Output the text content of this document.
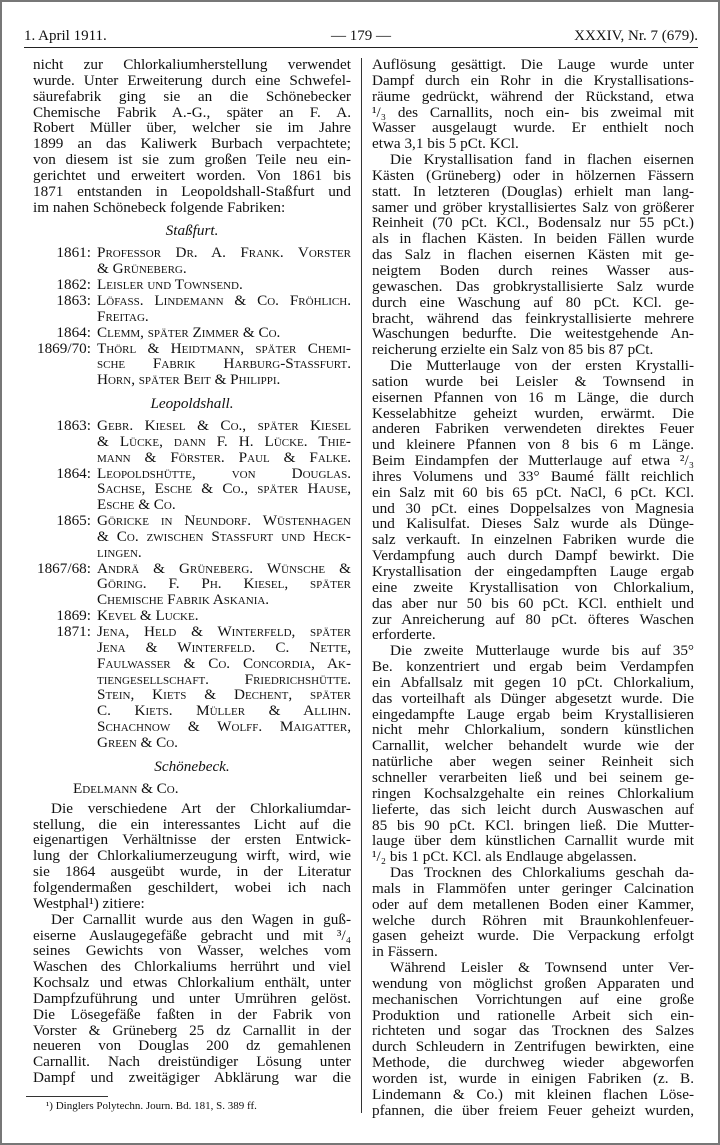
1. April 1911.	— 179 —	XXXIV, Nr. 7 (679).
nicht zur Chlorkaliumherstellung verwendet
wurde. Unter Erweiterung durch eine Schwefel-
säurefabrik ging sie an die Schönebecker
Chemische Fabrik A.-G., später an F. A.
Robert Müller über, welcher sie im Jahre
1899 an das Kaliwerk Burbach verpachtete;
von diesem ist sie zum großen Teile neu ein-
gerichtet und erweitert worden. Von 1861 bis
1871 entstanden in Leopoldshall-Staßfurt und
im nahen Schönebeck folgende Fabriken:
Staßfurt.
1861: Professor Dr. A. Frank. Vorster
& Grüneberg.
1862: Leisler und Townsend.
1863: Löfass. Lindemann & Co. Fröhlich.
Freitag.
1864: Clemm, später Zimmer & Co.
1869/70: Thörl & Heidtmann, später Chemi-
sche Fabrik Harburg-Stassfurt.
Horn, später Beit & Philippi.
Leopoldshall.
1863: Gebr. Kiesel & Co., später Kiesel
& Lücke, dann F. H. Lücke. Thie-
mann & Förster. Paul & Falke.
1864: Leopoldshütte, von Douglas.
Sachse, Esche & Co., später Hause,
Esche & Co.
1865: Göricke in Neundorf. Wüstenhagen
& Co. zwischen Staßfurt und Heck-
lingen.
1867/68: Andrä & Grüneberg. Wünsche &
Göring. F. Ph. Kiesel, später
Chemische Fabrik Askania.
1869: Kevel & Lucke.
1871: Jena, Held & Winterfeld, später
Jena & Winterfeld. C. Nette,
Faulwasser & Co. Concordia, Ak-
tiengesellschaft. Friedrichshütte.
Stein, Kiets & Dechent, später
C. Kiets. Müller & Allihn.
Schachnow & Wolff. Maigatter,
Green & Co.
Schönebeck.
Edelmann & Co.
Die verschiedene Art der Chlorkaliumdar-
stellung, die ein interessantes Licht auf die
eigenartigen Verhältnisse der ersten Entwick-
lung der Chlorkaliumerzeugung wirft, wird, wie
sie 1864 ausgeübt wurde, in der Literatur
folgendermaßen geschildert, wobei ich nach
Westphal¹) zitiere:
Der Carnallit wurde aus den Wagen in guß-
eiserne Auslaugegefäße gebracht und mit ³/₄
seines Gewichts von Wasser, welches vom
Waschen des Chlorkaliums herrührt und viel
Kochsalz und etwas Chlorkalium enthält, unter
Dampfzuführung und unter Umrühren gelöst.
Die Lösegefäße faßten in der Fabrik von
Vorster & Grüneberg 25 dz Carnallit in der
neueren von Douglas 200 dz gemahlenen
Carnallit. Nach dreistündiger Lösung unter
Dampf und zweitägiger Abklärung war die
Auflösung gesättigt. Die Lauge wurde unter
Dampf durch ein Rohr in die Krystallisations-
räume gedrückt, während der Rückstand, etwa
¹/₃ des Carnallits, noch ein- bis zweimal mit
Wasser ausgelaugt wurde. Er enthielt noch
etwa 3,1 bis 5 pCt. KCl.
Die Krystallisation fand in flachen eisernen
Kästen (Grüneberg) oder in hölzernen Fässern
statt. In letzteren (Douglas) erhielt man lang-
samer und gröber krystallisiertes Salz von größerer
Reinheit (70 pCt. KCl., Bodensalz nur 55 pCt.)
als in flachen Kästen. In beiden Fällen wurde
das Salz in flachen eisernen Kästen mit ge-
neigtem Boden durch reines Wasser aus-
gewaschen. Das grobkrystallisierte Salz wurde
durch eine Waschung auf 80 pCt. KCl. ge-
bracht, während das feinkrystallisierte mehrere
Waschungen bedurfte. Die weitestgehende An-
reicherung erzielte ein Salz von 85 bis 87 pCt.
Die Mutterlauge von der ersten Krystalli-
sation wurde bei Leisler & Townsend in
eisernen Pfannen von 16 m Länge, die durch
Kesselabhitze geheizt wurden, erwärmt. Die
anderen Fabriken verwendeten direktes Feuer
und kleinere Pfannen von 8 bis 6 m Länge.
Beim Eindampfen der Mutterlauge auf etwa ²/₃
ihres Volumens und 33° Baumé fällt reichlich
ein Salz mit 60 bis 65 pCt. NaCl, 6 pCt. KCl.
und 30 pCt. eines Doppelsalzes von Magnesia
und Kalisulfat. Dieses Salz wurde als Dünge-
salz verkauft. In einzelnen Fabriken wurde die
Verdampfung auch durch Dampf bewirkt. Die
Krystallisation der eingedampften Lauge ergab
eine zweite Krystallisation von Chlorkalium,
das aber nur 50 bis 60 pCt. KCl. enthielt und
zur Anreicherung auf 80 pCt. öfteres Waschen
erforderte.
Die zweite Mutterlauge wurde bis auf 35°
Be. konzentriert und ergab beim Verdampfen
ein Abfallsalz mit gegen 10 pCt. Chlorkalium,
das vorteilhaft als Dünger abgesetzt wurde. Die
eingedampfte Lauge ergab beim Krystallisieren
nicht mehr Chlorkalium, sondern künstlichen
Carnallit, welcher behandelt wurde wie der
natürliche aber wegen seiner Reinheit sich
schneller verarbeiten ließ und bei seinem ge-
ringen Kochsalzgehalte ein reines Chlorkalium
lieferte, das sich leicht durch Auswaschen auf
85 bis 90 pCt. KCl. bringen ließ. Die Mutter-
lauge über dem künstlichen Carnallit wurde mit
¹/₂ bis 1 pCt. KCl. als Endlauge abgelassen.
Das Trocknen des Chlorkaliums geschah da-
mals in Flammöfen unter geringer Calcination
oder auf dem metallenen Boden einer Kammer,
welche durch Röhren mit Braunkohlenfeuer-
gasen geheizt wurde. Die Verpackung erfolgt
in Fässern.
Während Leisler & Townsend unter Ver-
wendung von möglichst großen Apparaten und
mechanischen Vorrichtungen auf eine große
Produktion und rationelle Arbeit sich ein-
richteten und sogar das Trocknen des Salzes
durch Schleudern in Zentrifugen bewirkten, eine
Methode, die durchweg wieder abgeworfen
worden ist, wurde in einigen Fabriken (z. B.
Lindemann & Co.) mit kleinen flachen Löse-
pfannen, die über freiem Feuer geheizt wurden,
¹) Dinglers Polytechn. Journ. Bd. 181, S. 389 ff.
